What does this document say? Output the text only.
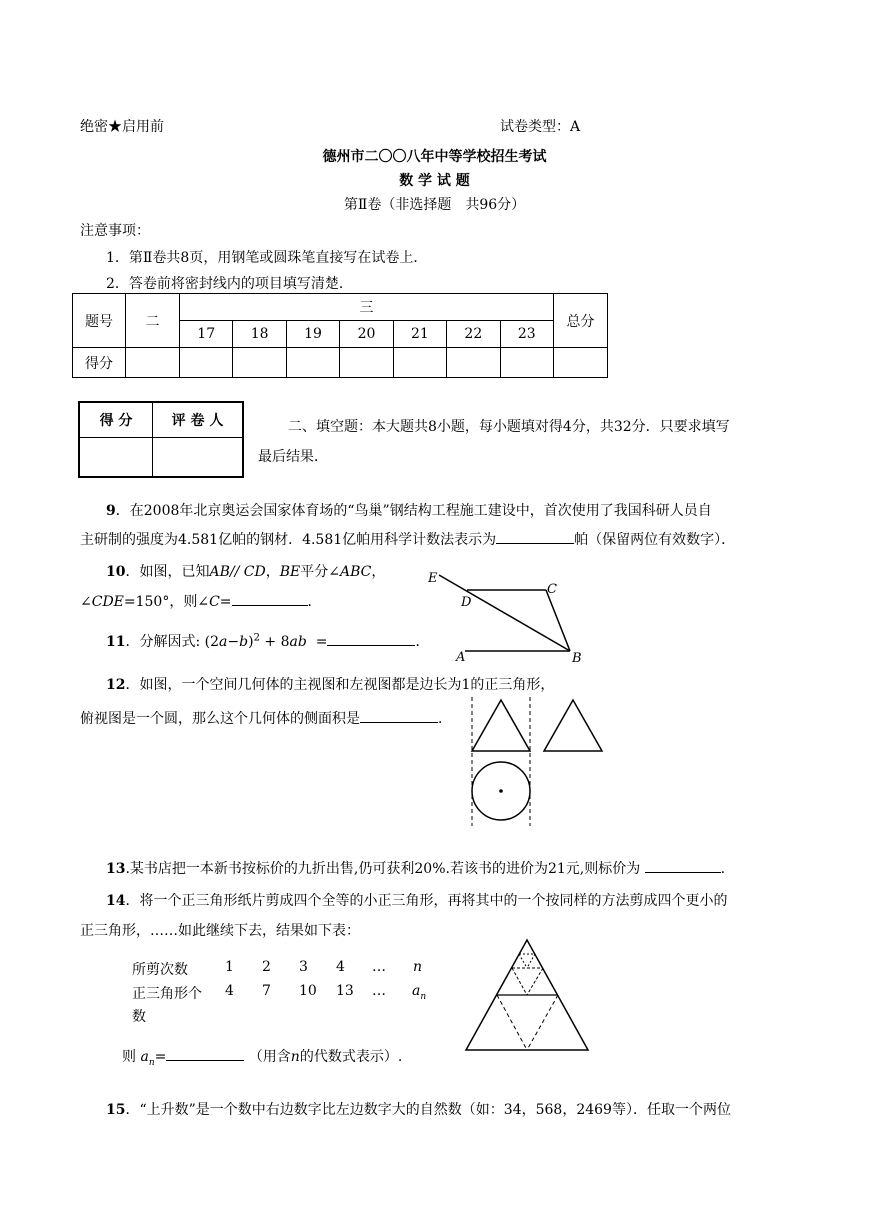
绝密★启用前	试卷类型：A
德州市二〇〇八年中等学校招生考试
数 学 试 题
第Ⅱ卷（非选择题　共96分）
注意事项：
1．第Ⅱ卷共8页，用钢笔或圆珠笔直接写在试卷上．
2．答卷前将密封线内的项目填写清楚．
题号	二	三							总分
		17	18	19	20	21	22	23	
得分									
得 分	评 卷 人
		二、填空题：本大题共8小题，每小题填对得4分，共32分．只要求填写
最后结果．
9．在2008年北京奥运会国家体育场的“鸟巢”钢结构工程施工建设中，首次使用了我国科研人员自
主研制的强度为4.581亿帕的钢材．4.581亿帕用科学计数法表示为	帕（保留两位有效数字）．
10．如图，已知AB// CD，BE平分∠ABC，
∠CDE=150°，则∠C=	．
E
D
C
A	B
11．分解因式: $(2a-b)^2 + 8ab$ =	．
12．如图，一个空间几何体的主视图和左视图都是边长为1的正三角形，
俯视图是一个圆，那么这个几何体的侧面积是	．
13.某书店把一本新书按标价的九折出售,仍可获利20%.若该书的进价为21元,则标价为	.
14．将一个正三角形纸片剪成四个全等的小正三角形，再将其中的一个按同样的方法剪成四个更小的
正三角形，……如此继续下去，结果如下表：
所剪次数	1 2 3 4 … n
正三角形个 4 7 10 13 … $a_n$
数
则 $a_n=$	（用含n的代数式表示）.
15．“上升数”是一个数中右边数字比左边数字大的自然数（如：34，568，2469等）．任取一个两位
